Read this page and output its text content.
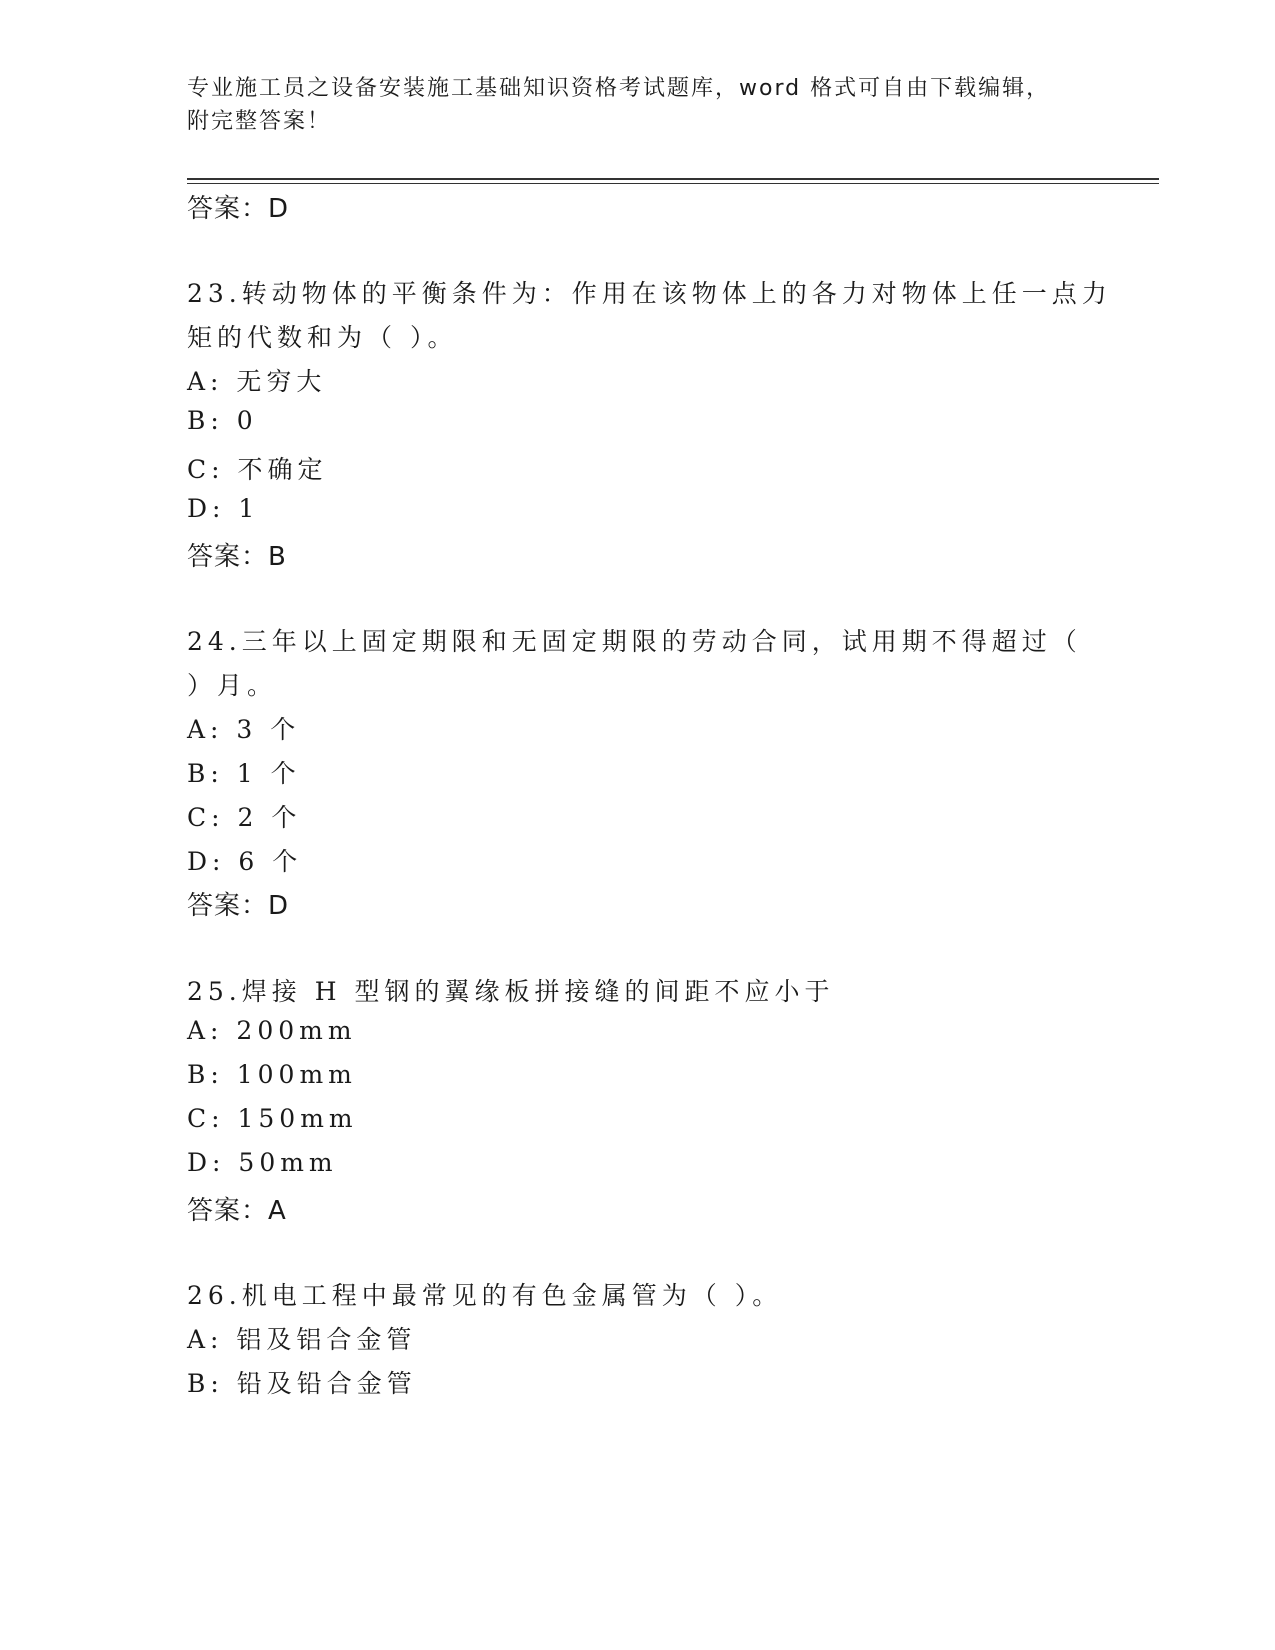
专业施工员之设备安装施工基础知识资格考试题库，word 格式可自由下载编辑，
附完整答案！
答案：D
23.转动物体的平衡条件为：作用在该物体上的各力对物体上任一点力
矩的代数和为（ ）。
A: 无穷大
B: 0
C: 不确定
D: 1
答案：B
24.三年以上固定期限和无固定期限的劳动合同，试用期不得超过（
）月。
A: 3 个
B: 1 个
C: 2 个
D: 6 个
答案：D
25.焊接 H 型钢的翼缘板拼接缝的间距不应小于
A: 200mm
B: 100mm
C: 150mm
D: 50mm
答案：A
26.机电工程中最常见的有色金属管为（ ）。
A: 铝及铝合金管
B: 铅及铅合金管
